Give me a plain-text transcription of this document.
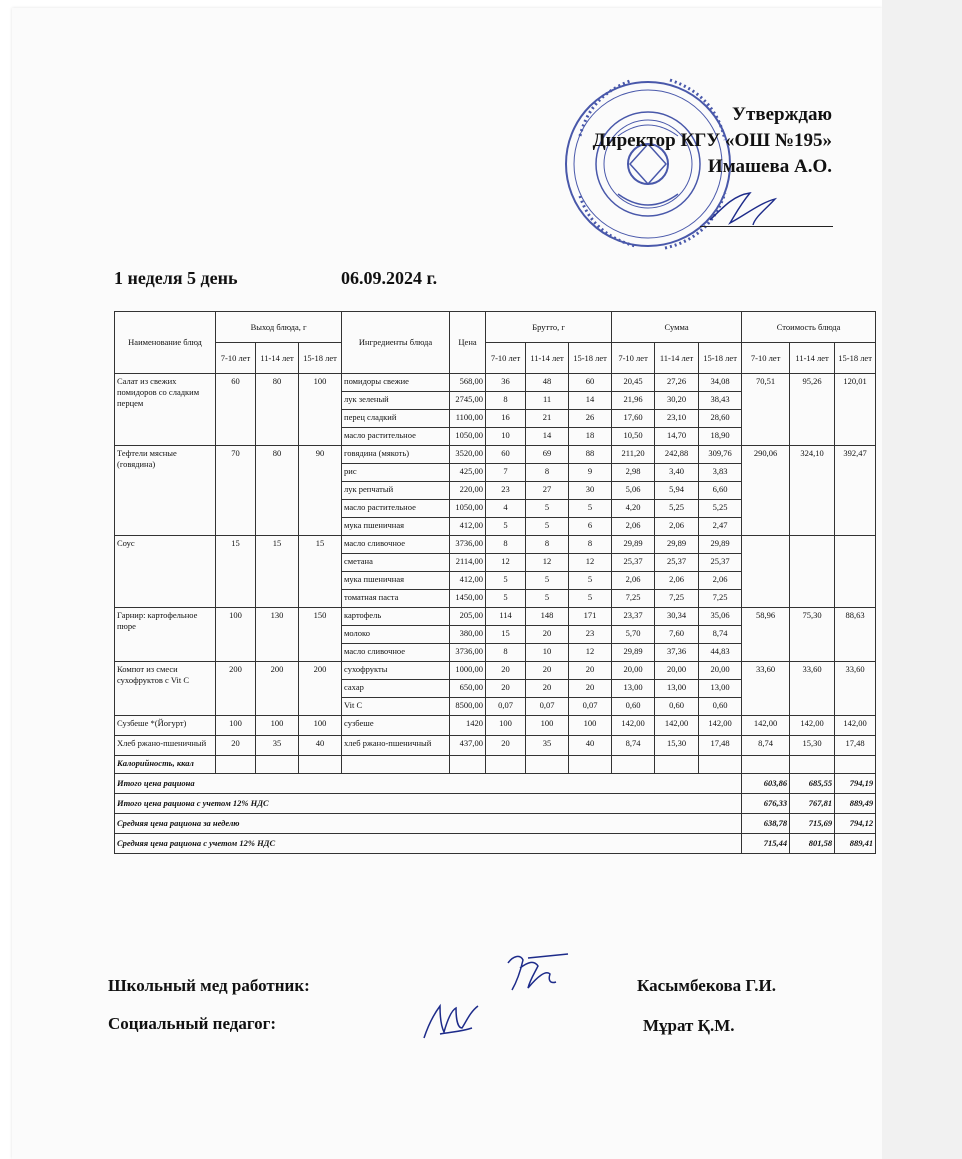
Утверждаю
Директор КГУ «ОШ №195»
Имашева А.О.
1 неделя 5 день	06.09.2024 г.
Наименование блюд	Выход блюда, г			Ингредиенты блюда	Цена	Брутто, г			Сумма			Стоимость блюда		
	7-10 лет	11-14 лет	15-18 лет			7-10 лет	11-14 лет	15-18 лет	7-10 лет	11-14 лет	15-18 лет	7-10 лет	11-14 лет	15-18 лет
Салат из свежих помидоров со сладким перцем	60	80	100	помидоры свежие	568,00	36	48	60	20,45	27,26	34,08	70,51	95,26	120,01
				лук зеленый	2745,00	8	11	14	21,96	30,20	38,43			
				перец сладкий	1100,00	16	21	26	17,60	23,10	28,60			
				масло растительное	1050,00	10	14	18	10,50	14,70	18,90			
Тефтели мясные (говядина)	70	80	90	говядина (мякоть)	3520,00	60	69	88	211,20	242,88	309,76	290,06	324,10	392,47
				рис	425,00	7	8	9	2,98	3,40	3,83			
				лук репчатый	220,00	23	27	30	5,06	5,94	6,60			
				масло растительное	1050,00	4	5	5	4,20	5,25	5,25			
				мука пшеничная	412,00	5	5	6	2,06	2,06	2,47			
Соус	15	15	15	масло сливочное	3736,00	8	8	8	29,89	29,89	29,89			
				сметана	2114,00	12	12	12	25,37	25,37	25,37			
				мука пшеничная	412,00	5	5	5	2,06	2,06	2,06			
				томатная паста	1450,00	5	5	5	7,25	7,25	7,25			
Гарнир: картофельное пюре	100	130	150	картофель	205,00	114	148	171	23,37	30,34	35,06	58,96	75,30	88,63
				молоко	380,00	15	20	23	5,70	7,60	8,74			
				масло сливочное	3736,00	8	10	12	29,89	37,36	44,83			
Компот из смеси сухофруктов с Vit C	200	200	200	сухофрукты	1000,00	20	20	20	20,00	20,00	20,00	33,60	33,60	33,60
				сахар	650,00	20	20	20	13,00	13,00	13,00			
				Vit C	8500,00	0,07	0,07	0,07	0,60	0,60	0,60			
Сузбеше *(Йогурт)	100	100	100	сузбеше	1420	100	100	100	142,00	142,00	142,00	142,00	142,00	142,00
Хлеб ржано-пшеничный	20	35	40	хлеб ржано-пшеничный	437,00	20	35	40	8,74	15,30	17,48	8,74	15,30	17,48
Калорийность, ккал														
Итого цена рациона												603,86	685,55	794,19
Итого цена рациона с учетом 12% НДС												676,33	767,81	889,49
Средняя цена рациона за неделю												638,78	715,69	794,12
Средняя цена рациона с учетом 12% НДС												715,44	801,58	889,41
Школьный мед работник:	Касымбекова Г.И.
Социальный педагог:	Мұрат Қ.М.
